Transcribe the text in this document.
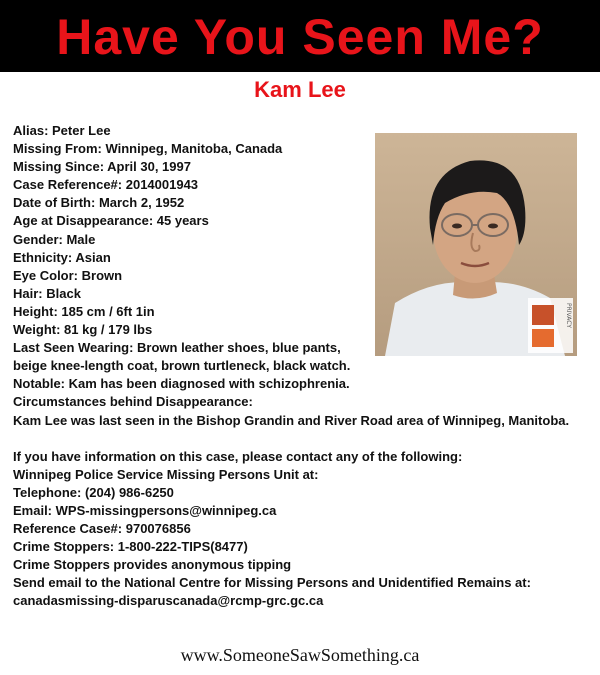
Have You Seen Me?
Kam Lee
PRIVACY
Alias: Peter Lee
Missing From: Winnipeg, Manitoba, Canada
Missing Since: April 30, 1997
Case Reference#: 2014001943
Date of Birth: March 2, 1952
Age at Disappearance: 45 years
Gender: Male
Ethnicity: Asian
Eye Color: Brown
Hair: Black
Height: 185 cm / 6ft 1in
Weight: 81 kg / 179 lbs
Last Seen Wearing: Brown leather shoes, blue pants,
beige knee-length coat, brown turtleneck, black watch.
Notable: Kam has been diagnosed with schizophrenia.
Circumstances behind Disappearance:
Kam Lee was last seen in the Bishop Grandin and River Road area of Winnipeg, Manitoba.
If you have information on this case, please contact any of the following:
Winnipeg Police Service Missing Persons Unit at:
Telephone: (204) 986-6250
Email: WPS-missingpersons@winnipeg.ca
Reference Case#: 970076856
Crime Stoppers: 1-800-222-TIPS(8477)
Crime Stoppers provides anonymous tipping
Send email to the National Centre for Missing Persons and Unidentified Remains at:
canadasmissing-disparuscanada@rcmp-grc.gc.ca
www.SomeoneSawSomething.ca
